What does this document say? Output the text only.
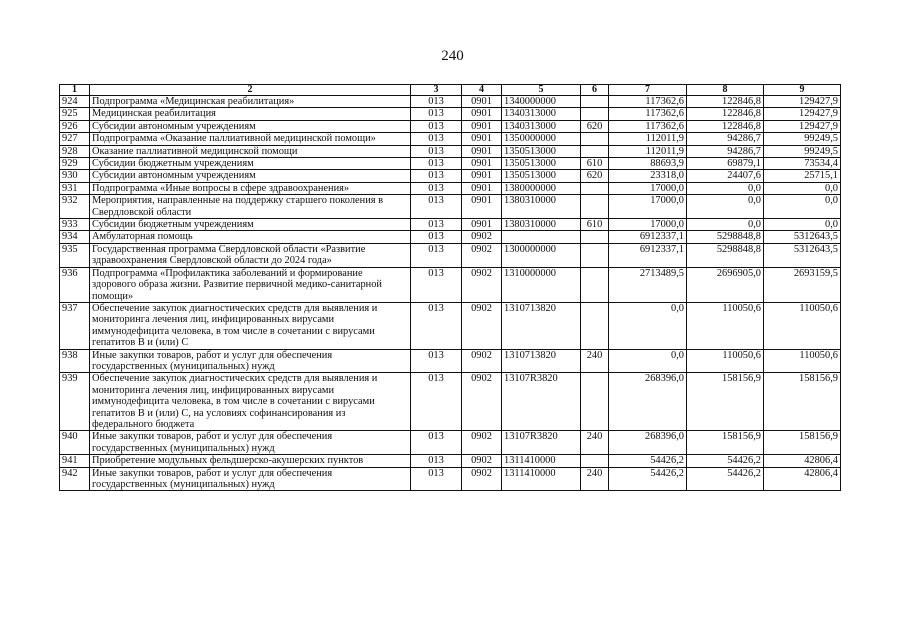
240
1	2	3	4	5	6	7	8	9
924	Подпрограмма «Медицинская реабилитация»	013	0901	1340000000		117362,6	122846,8	129427,9
925	Медицинская реабилитация	013	0901	1340313000		117362,6	122846,8	129427,9
926	Субсидии автономным учреждениям	013	0901	1340313000	620	117362,6	122846,8	129427,9
927	Подпрограмма «Оказание паллиативной медицинской помощи»	013	0901	1350000000		112011,9	94286,7	99249,5
928	Оказание паллиативной медицинской помощи	013	0901	1350513000		112011,9	94286,7	99249,5
929	Субсидии бюджетным учреждениям	013	0901	1350513000	610	88693,9	69879,1	73534,4
930	Субсидии автономным учреждениям	013	0901	1350513000	620	23318,0	24407,6	25715,1
931	Подпрограмма «Иные вопросы в сфере здравоохранения»	013	0901	1380000000		17000,0	0,0	0,0
932	Мероприятия, направленные на поддержку старшего поколения в Свердловской области	013	0901	1380310000		17000,0	0,0	0,0
933	Субсидии бюджетным учреждениям	013	0901	1380310000	610	17000,0	0,0	0,0
934	Амбулаторная помощь	013	0902			6912337,1	5298848,8	5312643,5
935	Государственная программа Свердловской области «Развитие здравоохранения Свердловской области до 2024 года»	013	0902	1300000000		6912337,1	5298848,8	5312643,5
936	Подпрограмма «Профилактика заболеваний и формирование здорового образа жизни. Развитие первичной медико-санитарной помощи»	013	0902	1310000000		2713489,5	2696905,0	2693159,5
937	Обеспечение закупок диагностических средств для выявления и мониторинга лечения лиц, инфицированных вирусами иммунодефицита человека, в том числе в сочетании с вирусами гепатитов B и (или) C	013	0902	1310713820		0,0	110050,6	110050,6
938	Иные закупки товаров, работ и услуг для обеспечения государственных (муниципальных) нужд	013	0902	1310713820	240	0,0	110050,6	110050,6
939	Обеспечение закупок диагностических средств для выявления и мониторинга лечения лиц, инфицированных вирусами иммунодефицита человека, в том числе в сочетании с вирусами гепатитов B и (или) C, на условиях софинансирования из федерального бюджета	013	0902	13107R3820		268396,0	158156,9	158156,9
940	Иные закупки товаров, работ и услуг для обеспечения государственных (муниципальных) нужд	013	0902	13107R3820	240	268396,0	158156,9	158156,9
941	Приобретение модульных фельдшерско-акушерских пунктов	013	0902	1311410000		54426,2	54426,2	42806,4
942	Иные закупки товаров, работ и услуг для обеспечения государственных (муниципальных) нужд	013	0902	1311410000	240	54426,2	54426,2	42806,4
